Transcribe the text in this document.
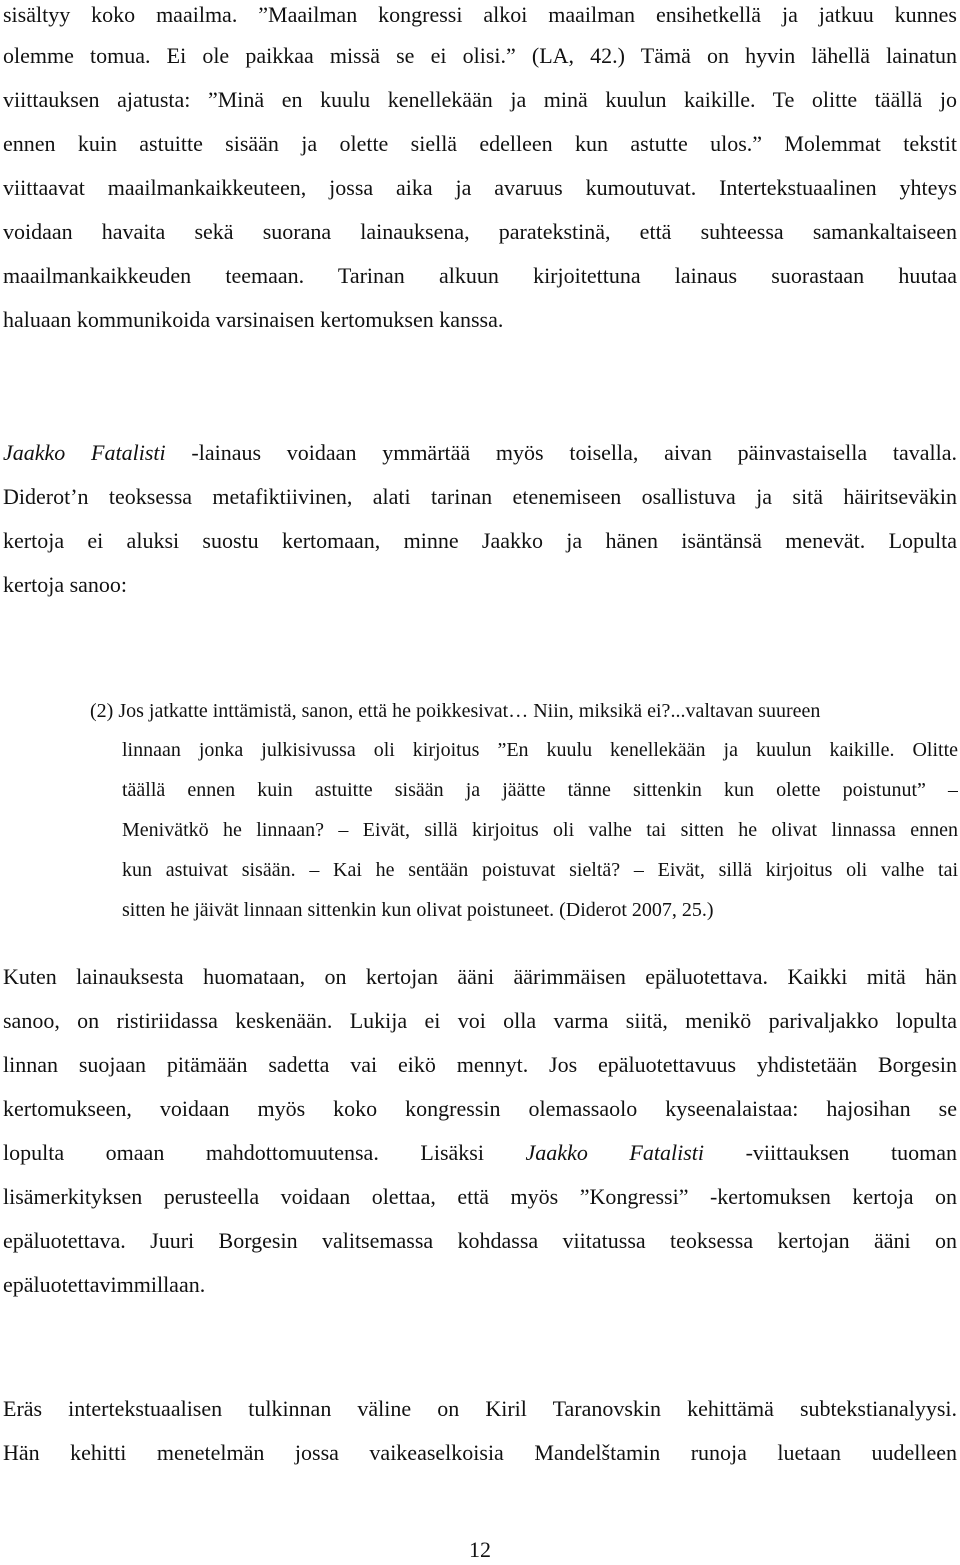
sisältyy koko maailma. ”Maailman kongressi alkoi maailman ensihetkellä ja jatkuu kunnes
olemme tomua. Ei ole paikkaa missä se ei olisi.” (LA, 42.) Tämä on hyvin lähellä lainatun
viittauksen ajatusta: ”Minä en kuulu kenellekään ja minä kuulun kaikille. Te olitte täällä jo
ennen kuin astuitte sisään ja olette siellä edelleen kun astutte ulos.” Molemmat tekstit
viittaavat maailmankaikkeuteen, jossa aika ja avaruus kumoutuvat. Intertekstuaalinen yhteys
voidaan havaita sekä suorana lainauksena, paratekstinä, että suhteessa samankaltaiseen
maailmankaikkeuden teemaan. Tarinan alkuun kirjoitettuna lainaus suorastaan huutaa
haluaan kommunikoida varsinaisen kertomuksen kanssa.
Jaakko Fatalisti -lainaus voidaan ymmärtää myös toisella, aivan päinvastaisella tavalla.
Diderot’n teoksessa metafiktiivinen, alati tarinan etenemiseen osallistuva ja sitä häiritseväkin
kertoja ei aluksi suostu kertomaan, minne Jaakko ja hänen isäntänsä menevät. Lopulta
kertoja sanoo:
(2) Jos jatkatte inttämistä, sanon, että he poikkesivat… Niin, miksikä ei?...valtavan suureen
linnaan jonka julkisivussa oli kirjoitus ”En kuulu kenellekään ja kuulun kaikille. Olitte
täällä ennen kuin astuitte sisään ja jäätte tänne sittenkin kun olette poistunut” –
Menivätkö he linnaan? – Eivät, sillä kirjoitus oli valhe tai sitten he olivat linnassa ennen
kun astuivat sisään. – Kai he sentään poistuvat sieltä? – Eivät, sillä kirjoitus oli valhe tai
sitten he jäivät linnaan sittenkin kun olivat poistuneet. (Diderot 2007, 25.)
Kuten lainauksesta huomataan, on kertojan ääni äärimmäisen epäluotettava. Kaikki mitä hän
sanoo, on ristiriidassa keskenään. Lukija ei voi olla varma siitä, menikö parivaljakko lopulta
linnan suojaan pitämään sadetta vai eikö mennyt. Jos epäluotettavuus yhdistetään Borgesin
kertomukseen, voidaan myös koko kongressin olemassaolo kyseenalaistaa: hajosihan se
lopulta omaan mahdottomuutensa. Lisäksi Jaakko Fatalisti -viittauksen tuoman
lisämerkityksen perusteella voidaan olettaa, että myös ”Kongressi” -kertomuksen kertoja on
epäluotettava. Juuri Borgesin valitsemassa kohdassa viitatussa teoksessa kertojan ääni on
epäluotettavimmillaan.
Eräs intertekstuaalisen tulkinnan väline on Kiril Taranovskin kehittämä subtekstianalyysi.
Hän kehitti menetelmän jossa vaikeaselkoisia Mandelštamin runoja luetaan uudelleen
12
